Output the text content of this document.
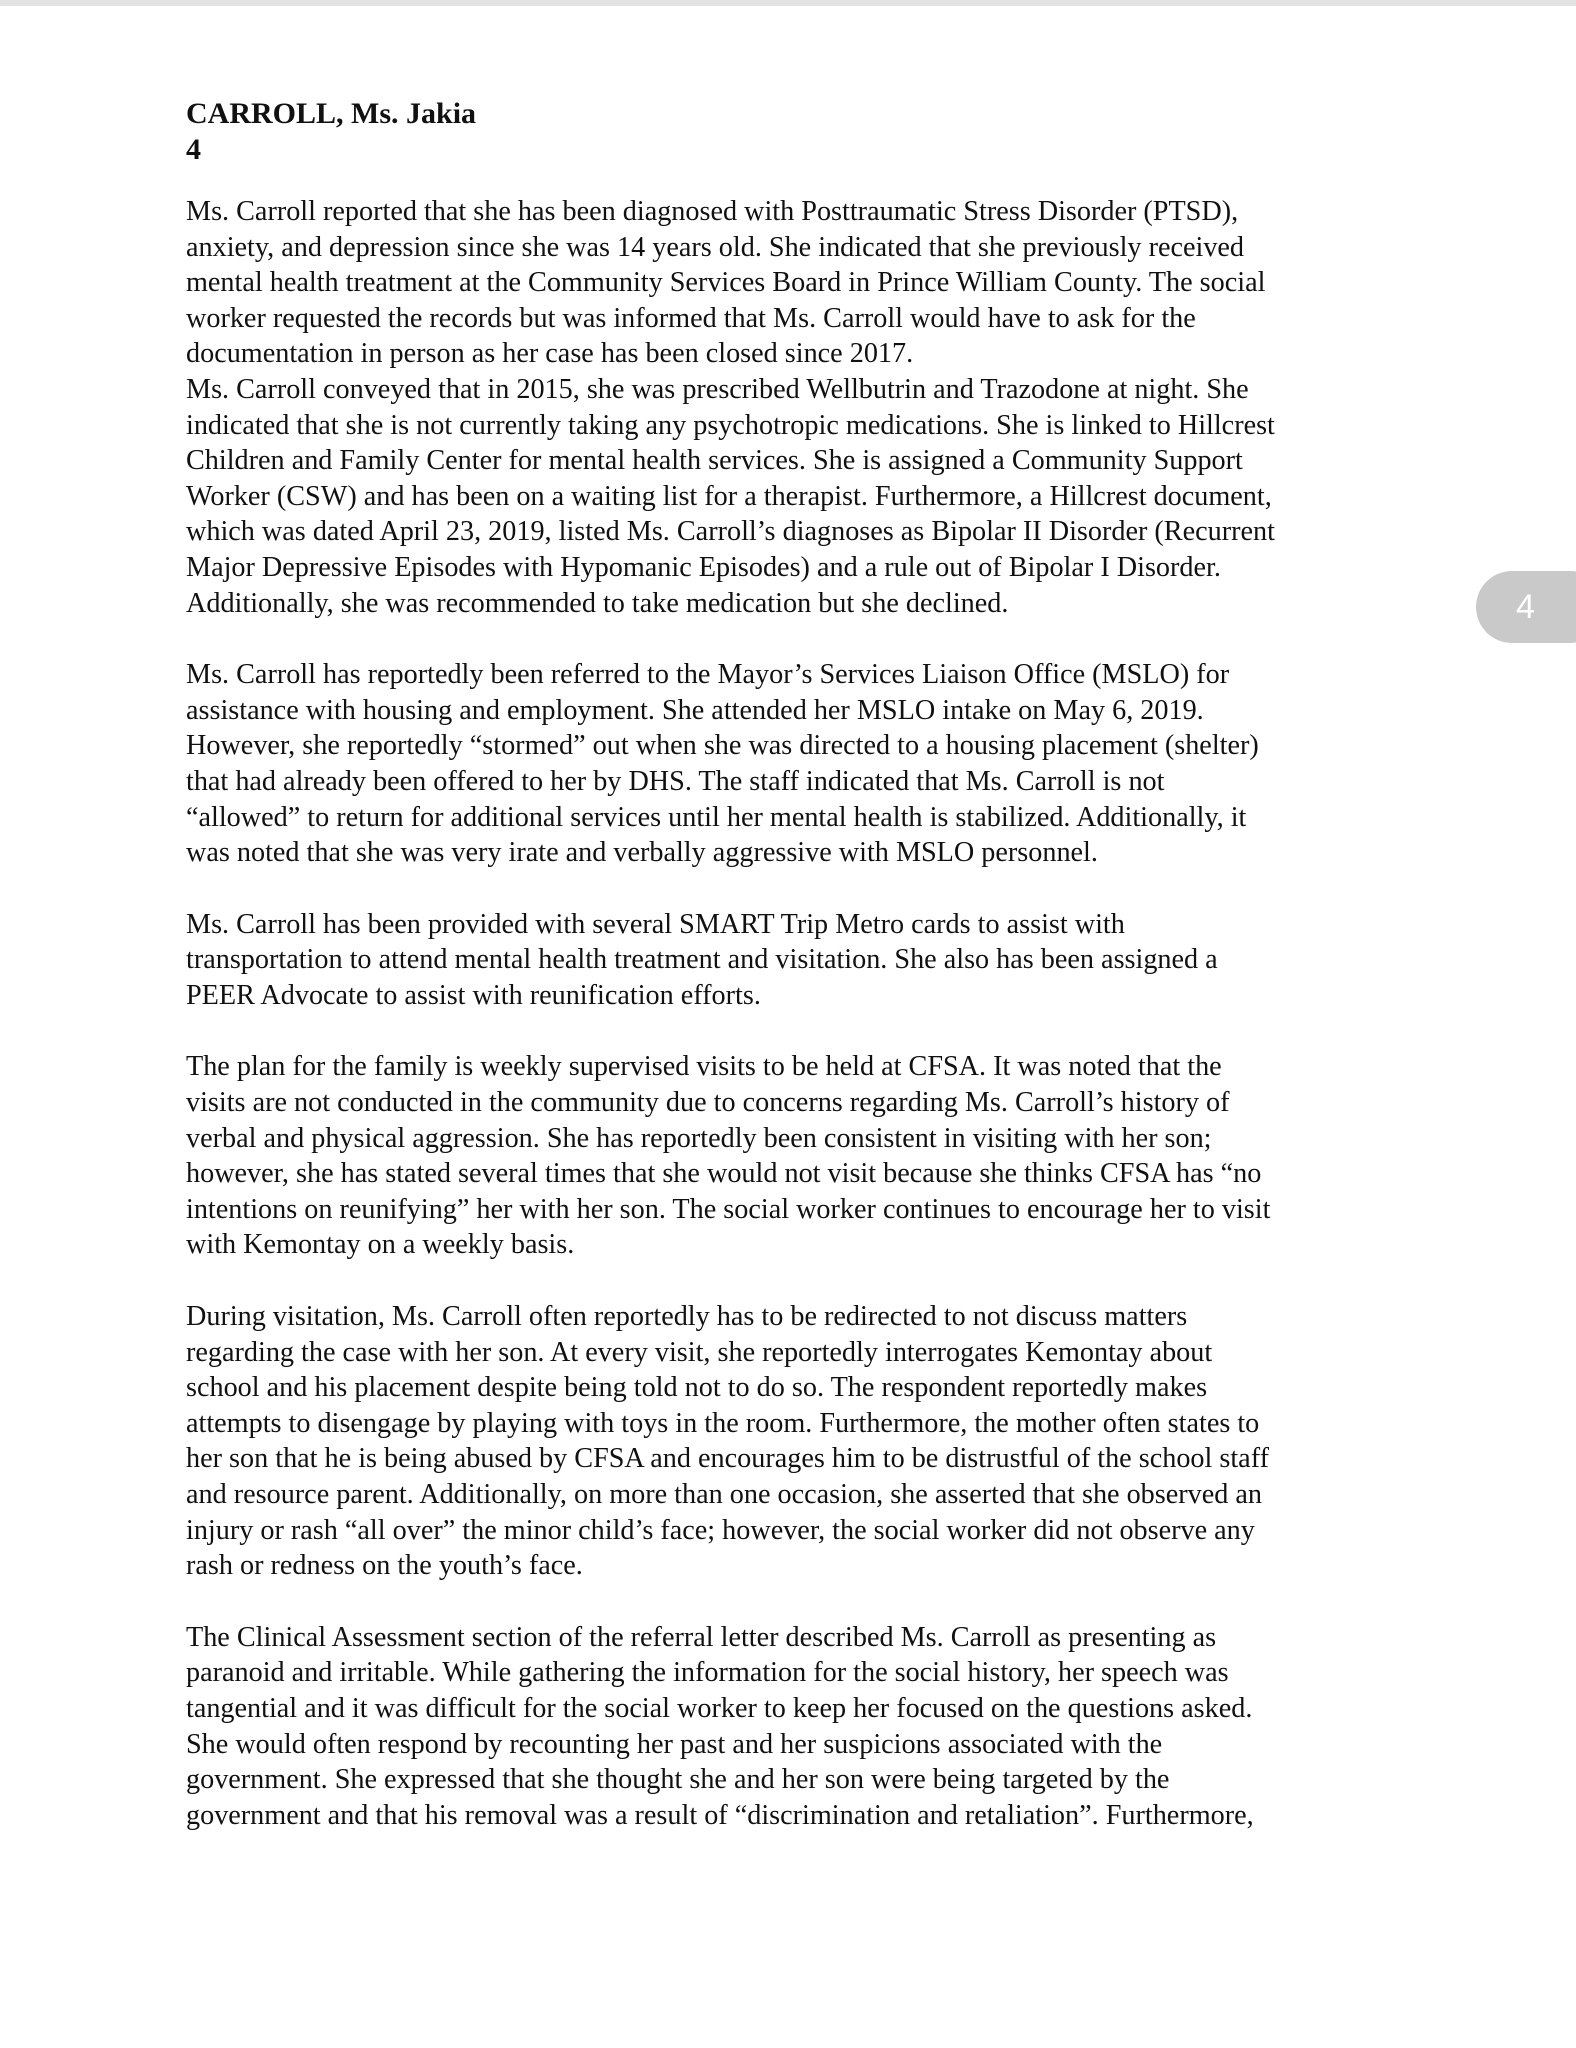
CARROLL, Ms. Jakia
4
Ms. Carroll reported that she has been diagnosed with Posttraumatic Stress Disorder (PTSD),
anxiety, and depression since she was 14 years old. She indicated that she previously received
mental health treatment at the Community Services Board in Prince William County. The social
worker requested the records but was informed that Ms. Carroll would have to ask for the
documentation in person as her case has been closed since 2017.
Ms. Carroll conveyed that in 2015, she was prescribed Wellbutrin and Trazodone at night. She
indicated that she is not currently taking any psychotropic medications. She is linked to Hillcrest
Children and Family Center for mental health services. She is assigned a Community Support
Worker (CSW) and has been on a waiting list for a therapist. Furthermore, a Hillcrest document,
which was dated April 23, 2019, listed Ms. Carroll’s diagnoses as Bipolar II Disorder (Recurrent
Major Depressive Episodes with Hypomanic Episodes) and a rule out of Bipolar I Disorder.
Additionally, she was recommended to take medication but she declined.
Ms. Carroll has reportedly been referred to the Mayor’s Services Liaison Office (MSLO) for
assistance with housing and employment. She attended her MSLO intake on May 6, 2019.
However, she reportedly “stormed” out when she was directed to a housing placement (shelter)
that had already been offered to her by DHS. The staff indicated that Ms. Carroll is not
“allowed” to return for additional services until her mental health is stabilized. Additionally, it
was noted that she was very irate and verbally aggressive with MSLO personnel.
Ms. Carroll has been provided with several SMART Trip Metro cards to assist with
transportation to attend mental health treatment and visitation. She also has been assigned a
PEER Advocate to assist with reunification efforts.
The plan for the family is weekly supervised visits to be held at CFSA. It was noted that the
visits are not conducted in the community due to concerns regarding Ms. Carroll’s history of
verbal and physical aggression. She has reportedly been consistent in visiting with her son;
however, she has stated several times that she would not visit because she thinks CFSA has “no
intentions on reunifying” her with her son. The social worker continues to encourage her to visit
with Kemontay on a weekly basis.
During visitation, Ms. Carroll often reportedly has to be redirected to not discuss matters
regarding the case with her son. At every visit, she reportedly interrogates Kemontay about
school and his placement despite being told not to do so. The respondent reportedly makes
attempts to disengage by playing with toys in the room. Furthermore, the mother often states to
her son that he is being abused by CFSA and encourages him to be distrustful of the school staff
and resource parent. Additionally, on more than one occasion, she asserted that she observed an
injury or rash “all over” the minor child’s face; however, the social worker did not observe any
rash or redness on the youth’s face.
The Clinical Assessment section of the referral letter described Ms. Carroll as presenting as
paranoid and irritable. While gathering the information for the social history, her speech was
tangential and it was difficult for the social worker to keep her focused on the questions asked.
She would often respond by recounting her past and her suspicions associated with the
government. She expressed that she thought she and her son were being targeted by the
government and that his removal was a result of “discrimination and retaliation”. Furthermore,
4
